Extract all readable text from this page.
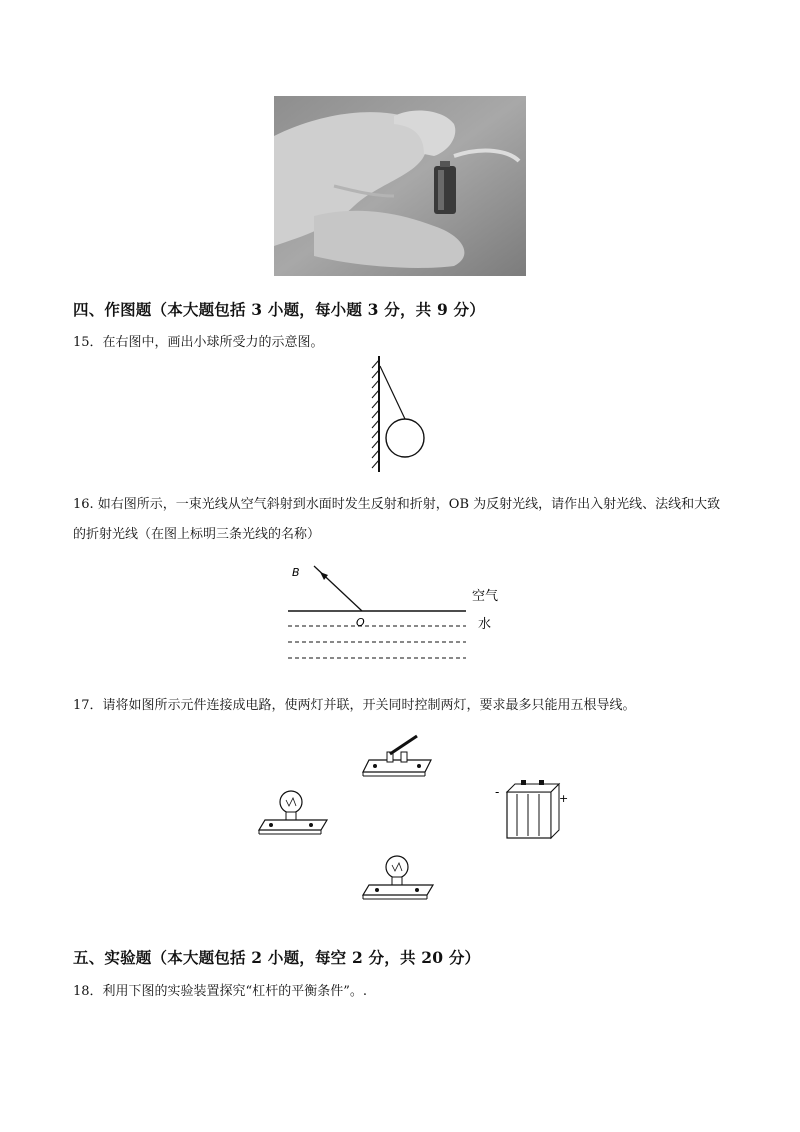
四、作图题（本大题包括 3 小题，每小题 3 分，共 9 分）
15．在右图中，画出小球所受力的示意图。
16. 如右图所示，一束光线从空气斜射到水面时发生反射和折射，OB 为反射光线，请作出入射光线、法线和大致的折射光线（在图上标明三条光线的名称）
B
O
空气
水
17．请将如图所示元件连接成电路，使两灯并联，开关同时控制两灯，要求最多只能用五根导线。
-	+
五、实验题（本大题包括 2 小题，每空 2 分，共 20 分）
18．利用下图的实验装置探究“杠杆的平衡条件”。.
